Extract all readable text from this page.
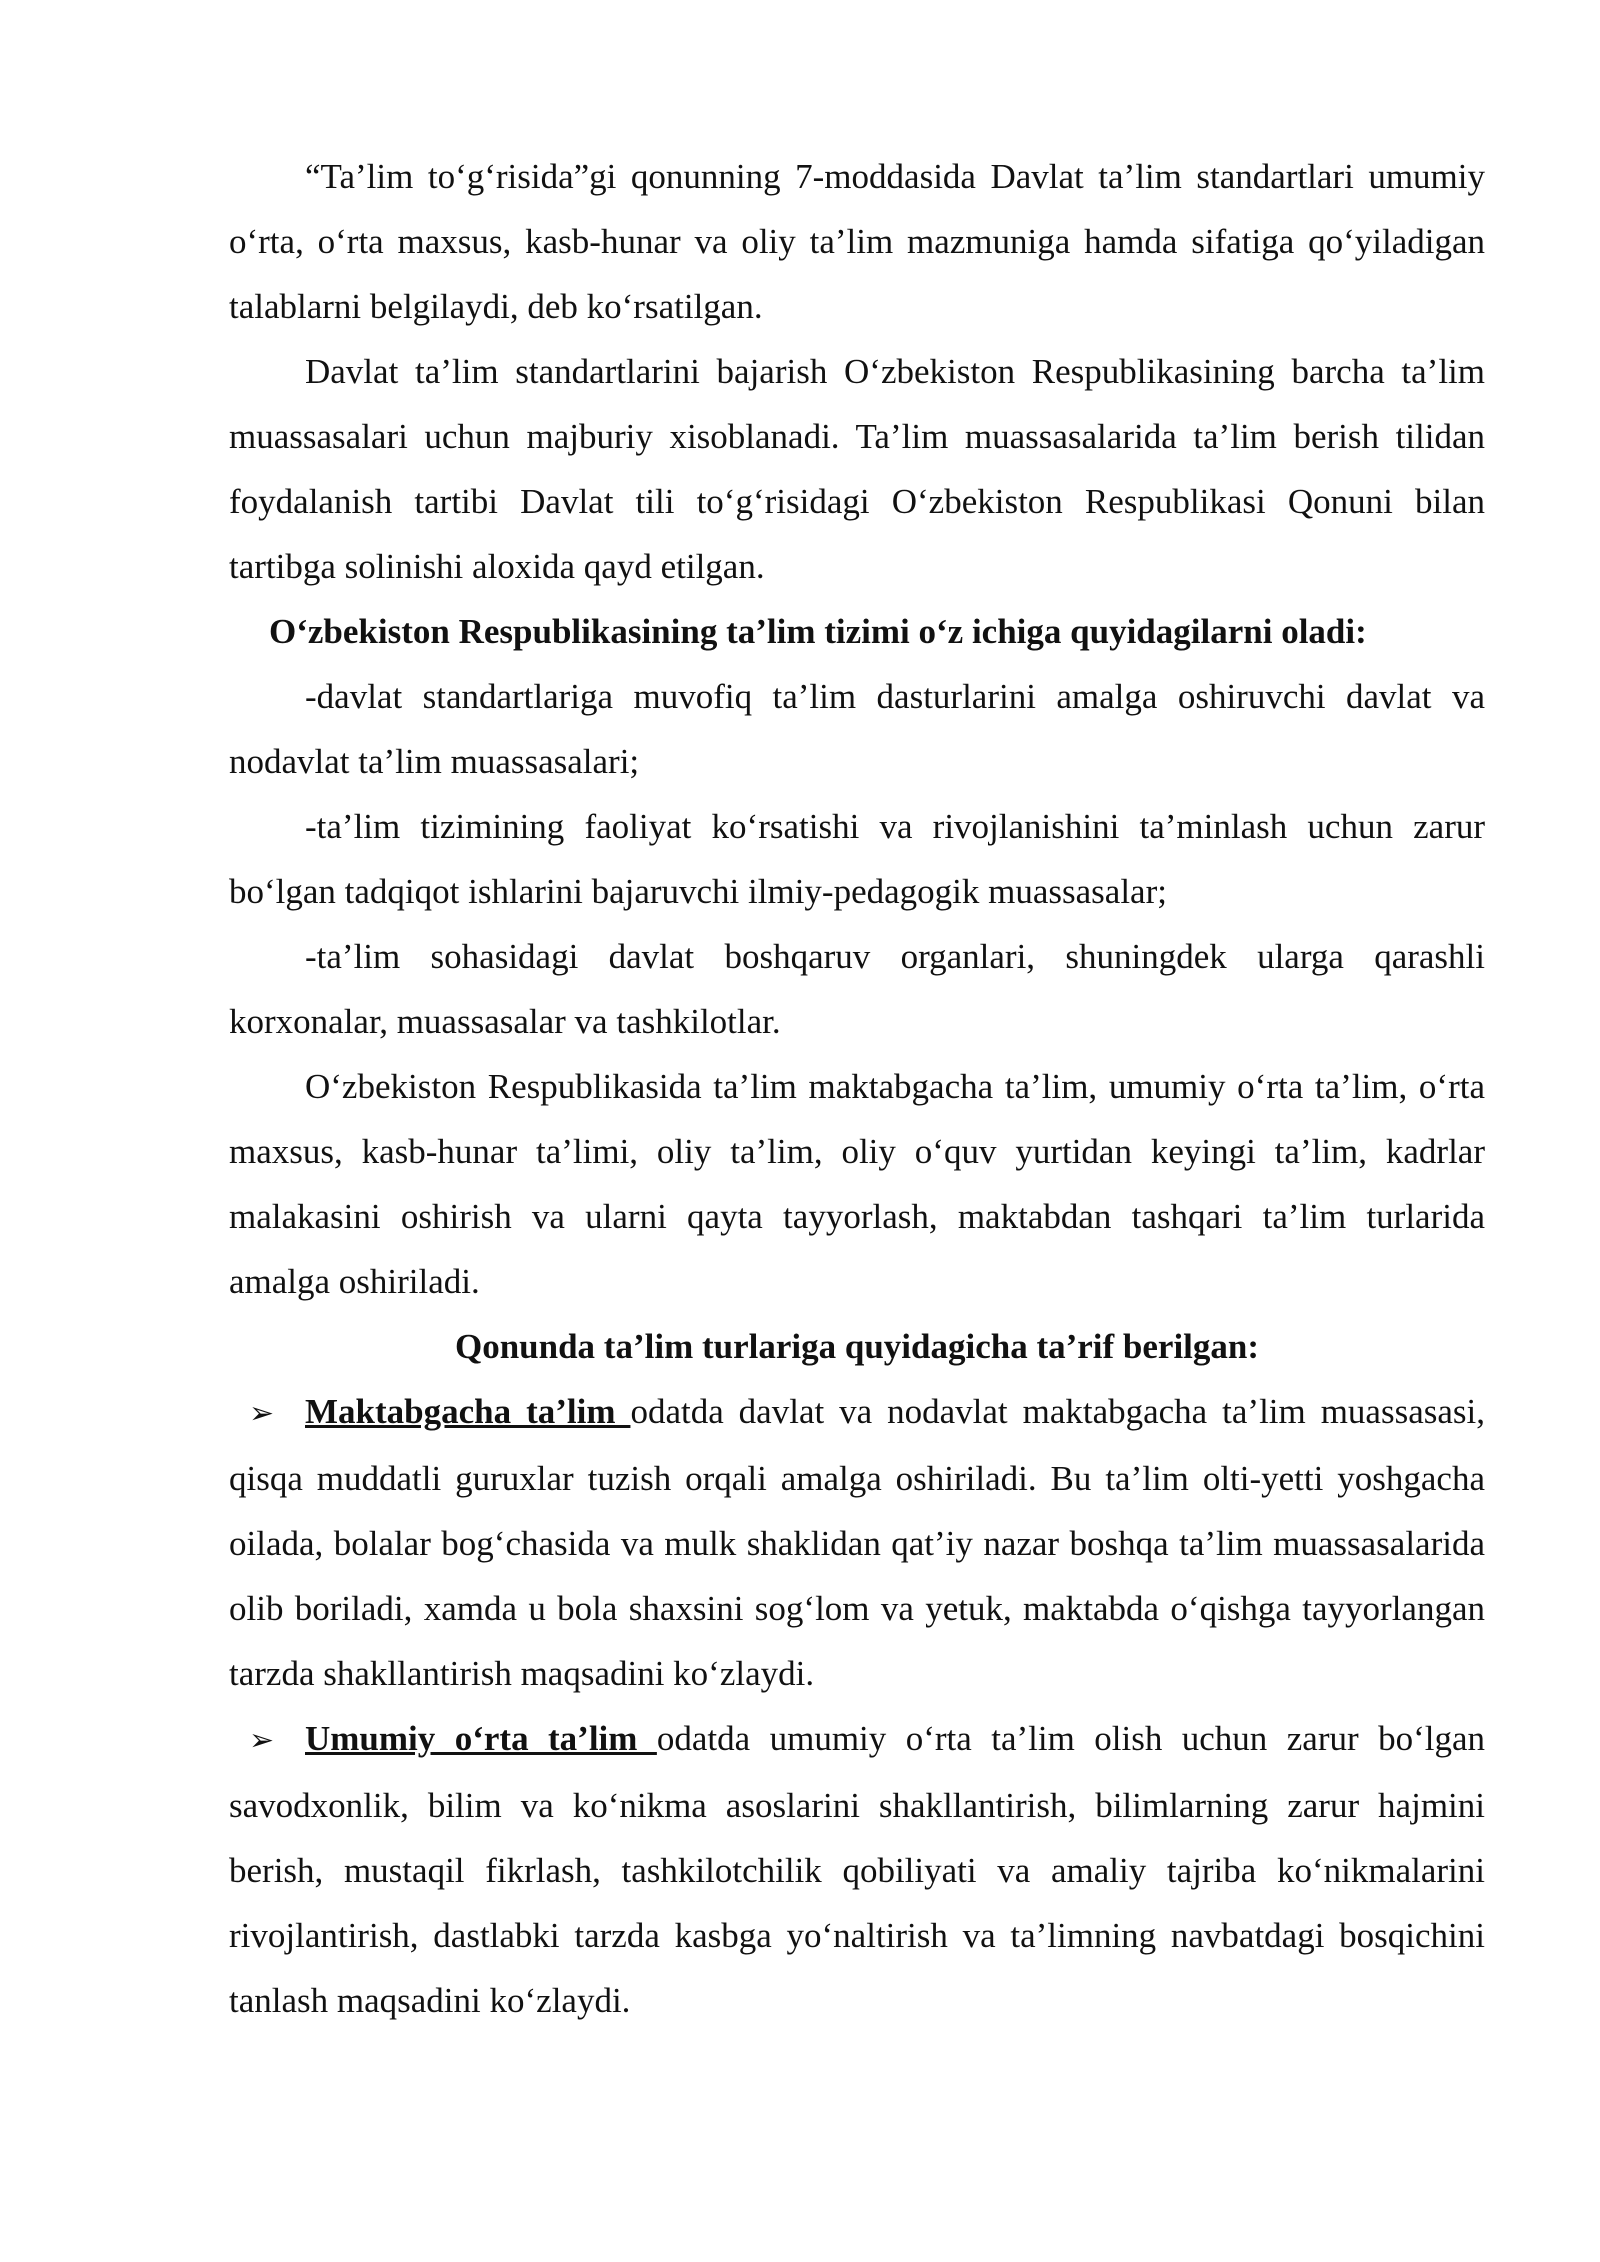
“Ta’lim to‘g‘risida”gi qonunning 7-moddasida Davlat ta’lim standartlari umumiy o‘rta, o‘rta maxsus, kasb-hunar va oliy ta’lim mazmuniga hamda sifatiga qo‘yiladigan talablarni belgilaydi, deb ko‘rsatilgan.

Davlat ta’lim standartlarini bajarish O‘zbekiston Respublikasining barcha ta’lim muassasalari uchun majburiy xisoblanadi. Ta’lim muassasalarida ta’lim berish tilidan foydalanish tartibi Davlat tili to‘g‘risidagi O‘zbekiston Respublikasi Qonuni bilan tartibga solinishi aloxida qayd etilgan.

O‘zbekiston Respublikasining ta’lim tizimi o‘z ichiga quyidagilarni oladi:

-davlat standartlariga muvofiq ta’lim dasturlarini amalga oshiruvchi davlat va nodavlat ta’lim muassasalari;

-ta’lim tizimining faoliyat ko‘rsatishi va rivojlanishini ta’minlash uchun zarur bo‘lgan tadqiqot ishlarini bajaruvchi ilmiy-pedagogik muassasalar;

-ta’lim sohasidagi davlat boshqaruv organlari, shuningdek ularga qarashli korxonalar, muassasalar va tashkilotlar.

O‘zbekiston Respublikasida ta’lim maktabgacha ta’lim, umumiy o‘rta ta’lim, o‘rta maxsus, kasb-hunar ta’limi, oliy ta’lim, oliy o‘quv yurtidan keyingi ta’lim, kadrlar malakasini oshirish va ularni qayta tayyorlash, maktabdan tashqari ta’lim turlarida amalga oshiriladi.

Qonunda ta’lim turlariga quyidagicha ta’rif berilgan:

➢ Maktabgacha ta’lim odatda davlat va nodavlat maktabgacha ta’lim muassasasi, qisqa muddatli guruxlar tuzish orqali amalga oshiriladi. Bu ta’lim olti-yetti yoshgacha oilada, bolalar bog‘chasida va mulk shaklidan qat’iy nazar boshqa ta’lim muassasalarida olib boriladi, xamda u bola shaxsini sog‘lom va yetuk, maktabda o‘qishga tayyorlangan tarzda shakllantirish maqsadini ko‘zlaydi.

➢ Umumiy o‘rta ta’lim odatda umumiy o‘rta ta’lim olish uchun zarur bo‘lgan savodxonlik, bilim va ko‘nikma asoslarini shakllantirish, bilimlarning zarur hajmini berish, mustaqil fikrlash, tashkilotchilik qobiliyati va amaliy tajriba ko‘nikmalarini rivojlantirish, dastlabki tarzda kasbga yo‘naltirish va ta’limning navbatdagi bosqichini tanlash maqsadini ko‘zlaydi.
